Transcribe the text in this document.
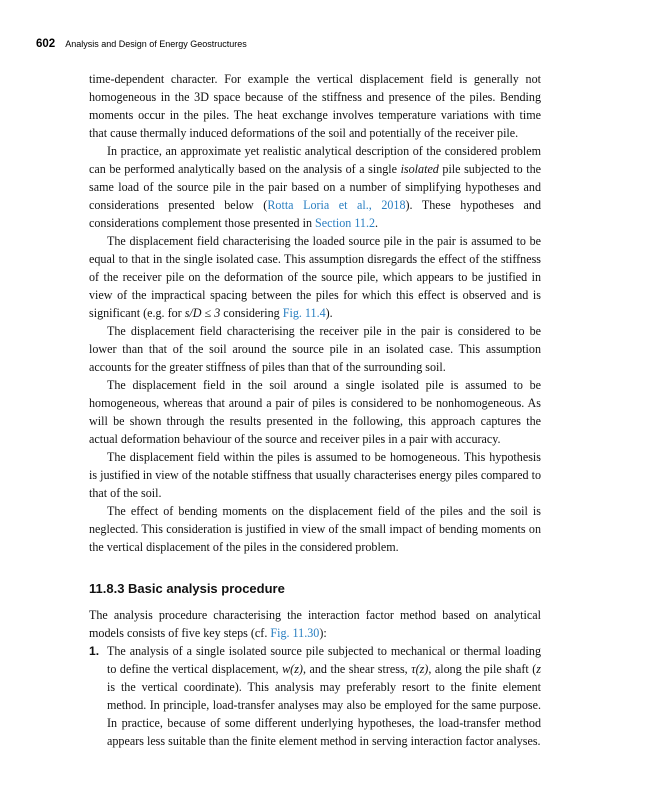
602 Analysis and Design of Energy Geostructures

time-dependent character. For example the vertical displacement field is generally not homogeneous in the 3D space because of the stiffness and presence of the piles. Bending moments occur in the piles. The heat exchange involves temperature variations with time that cause thermally induced deformations of the soil and potentially of the receiver pile.

In practice, an approximate yet realistic analytical description of the considered problem can be performed analytically based on the analysis of a single isolated pile subjected to the same load of the source pile in the pair based on a number of simplifying hypotheses and considerations presented below (Rotta Loria et al., 2018). These hypotheses and considerations complement those presented in Section 11.2.

The displacement field characterising the loaded source pile in the pair is assumed to be equal to that in the single isolated case. This assumption disregards the effect of the stiffness of the receiver pile on the deformation of the source pile, which appears to be justified in view of the impractical spacing between the piles for which this effect is observed and is significant (e.g. for s/D ≤ 3 considering Fig. 11.4).

The displacement field characterising the receiver pile in the pair is considered to be lower than that of the soil around the source pile in an isolated case. This assumption accounts for the greater stiffness of piles than that of the surrounding soil.

The displacement field in the soil around a single isolated pile is assumed to be homogeneous, whereas that around a pair of piles is considered to be nonhomogeneous. As will be shown through the results presented in the following, this approach captures the actual deformation behaviour of the source and receiver piles in a pair with accuracy.

The displacement field within the piles is assumed to be homogeneous. This hypothesis is justified in view of the notable stiffness that usually characterises energy piles compared to that of the soil.

The effect of bending moments on the displacement field of the piles and the soil is neglected. This consideration is justified in view of the small impact of bending moments on the vertical displacement of the piles in the considered problem.

11.8.3 Basic analysis procedure

The analysis procedure characterising the interaction factor method based on analytical models consists of five key steps (cf. Fig. 11.30):

1. The analysis of a single isolated source pile subjected to mechanical or thermal loading to define the vertical displacement, w(z), and the shear stress, τ(z), along the pile shaft (z is the vertical coordinate). This analysis may preferably resort to the finite element method. In principle, load-transfer analyses may also be employed for the same purpose. In practice, because of some different underlying hypotheses, the load-transfer method appears less suitable than the finite element method in serving interaction factor analyses.
